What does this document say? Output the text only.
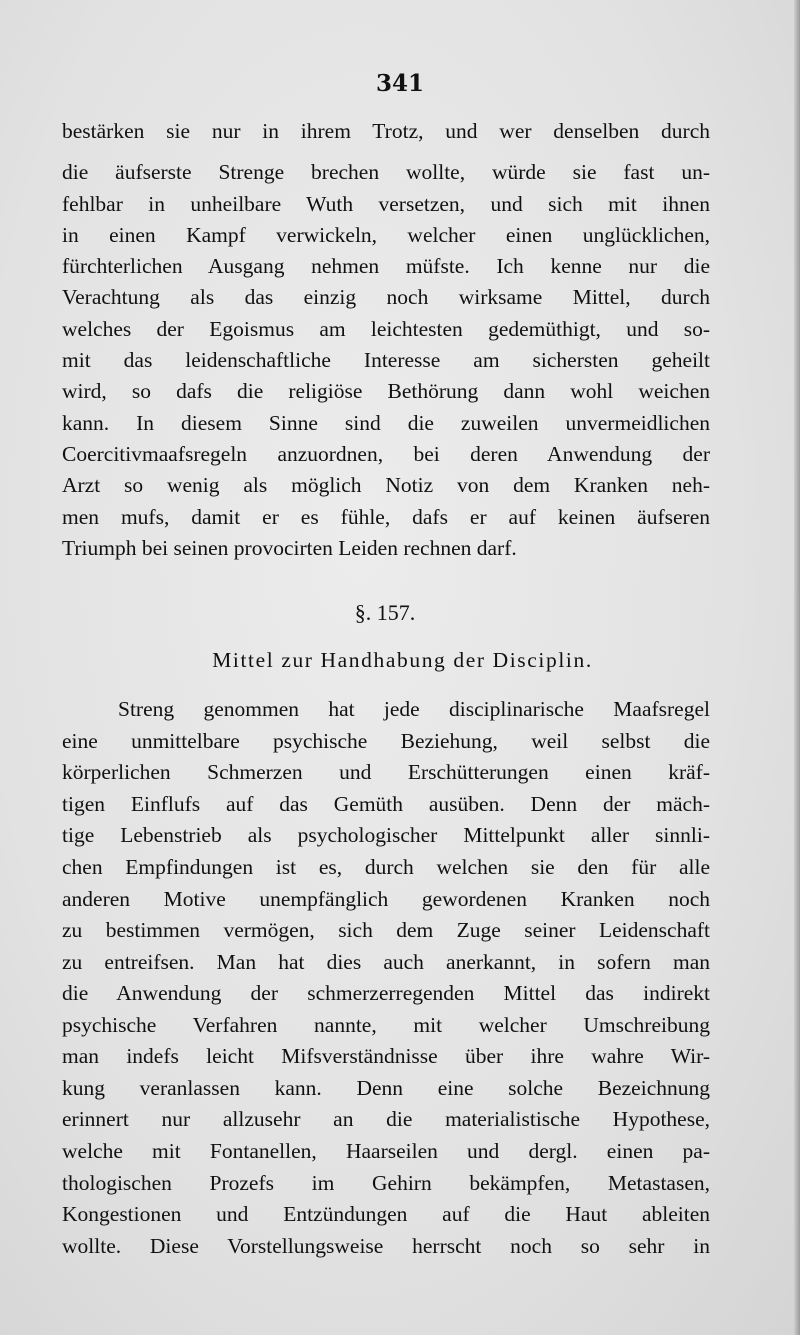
341
bestärken sie nur in ihrem Trotz, und wer denselben durch
die äufserste Strenge brechen wollte, würde sie fast un-
fehlbar in unheilbare Wuth versetzen, und sich mit ihnen
in einen Kampf verwickeln, welcher einen unglücklichen,
fürchterlichen Ausgang nehmen müfste. Ich kenne nur die
Verachtung als das einzig noch wirksame Mittel, durch
welches der Egoismus am leichtesten gedemüthigt, und so-
mit das leidenschaftliche Interesse am sichersten geheilt
wird, so dafs die religiöse Bethörung dann wohl weichen
kann. In diesem Sinne sind die zuweilen unvermeidlichen
Coercitivmaafsregeln anzuordnen, bei deren Anwendung der
Arzt so wenig als möglich Notiz von dem Kranken neh-
men mufs, damit er es fühle, dafs er auf keinen äufseren
Triumph bei seinen provocirten Leiden rechnen darf.
§. 157.
Mittel zur Handhabung der Disciplin.
Streng genommen hat jede disciplinarische Maafsregel
eine unmittelbare psychische Beziehung, weil selbst die
körperlichen Schmerzen und Erschütterungen einen kräf-
tigen Einflufs auf das Gemüth ausüben. Denn der mäch-
tige Lebenstrieb als psychologischer Mittelpunkt aller sinnli-
chen Empfindungen ist es, durch welchen sie den für alle
anderen Motive unempfänglich gewordenen Kranken noch
zu bestimmen vermögen, sich dem Zuge seiner Leidenschaft
zu entreifsen. Man hat dies auch anerkannt, in sofern man
die Anwendung der schmerzerregenden Mittel das indirekt
psychische Verfahren nannte, mit welcher Umschreibung
man indefs leicht Mifsverständnisse über ihre wahre Wir-
kung veranlassen kann. Denn eine solche Bezeichnung
erinnert nur allzusehr an die materialistische Hypothese,
welche mit Fontanellen, Haarseilen und dergl. einen pa-
thologischen Prozefs im Gehirn bekämpfen, Metastasen,
Kongestionen und Entzündungen auf die Haut ableiten
wollte. Diese Vorstellungsweise herrscht noch so sehr in
